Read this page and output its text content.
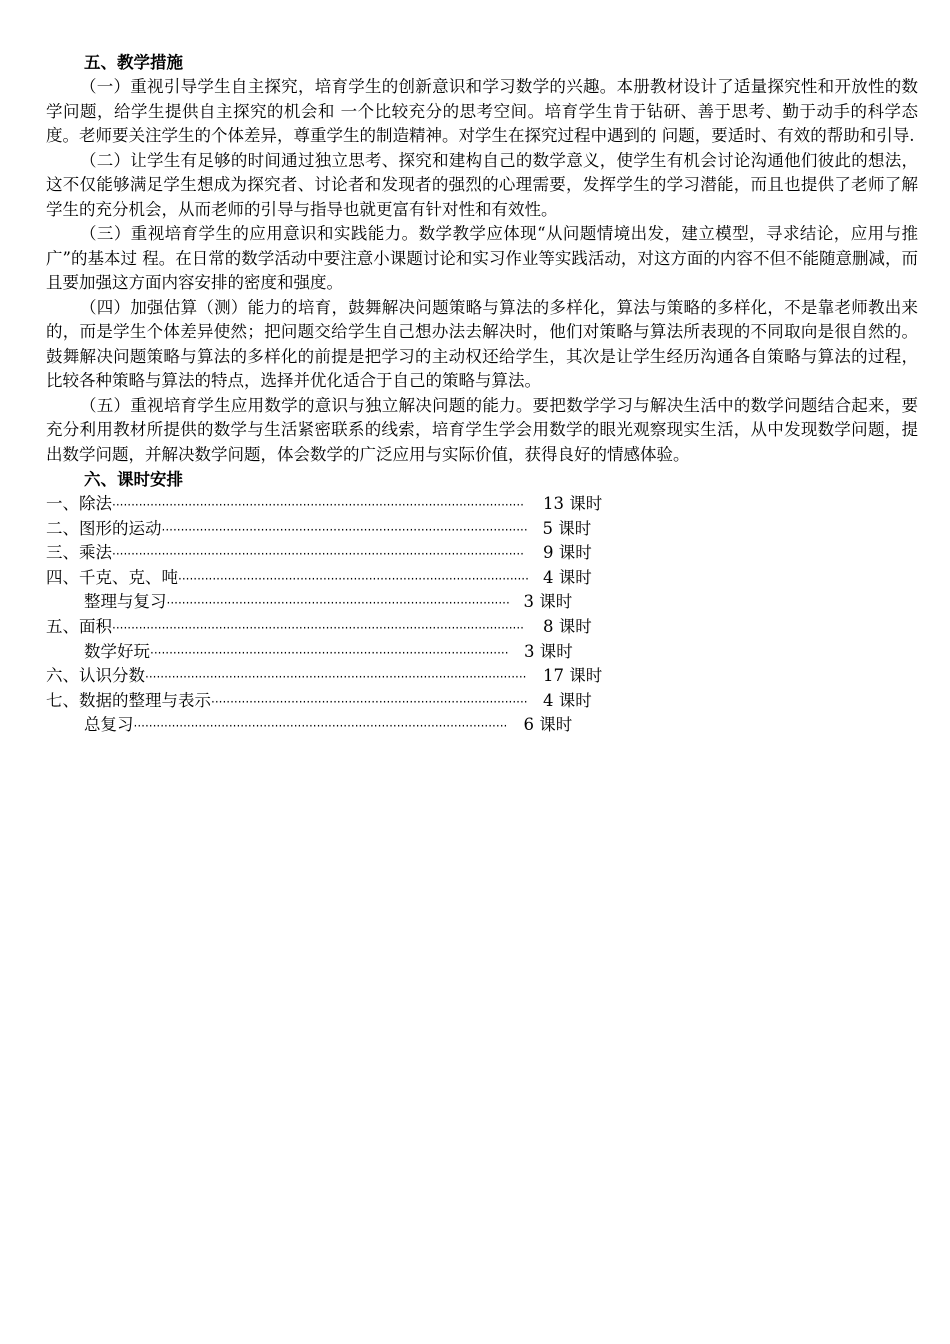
五、教学措施

（一）重视引导学生自主探究，培育学生的创新意识和学习数学的兴趣。本册教材设计了适量探究性和开放性的数学问题，给学生提供自主探究的机会和 一个比较充分的思考空间。培育学生肯于钻研、善于思考、勤于动手的科学态度。老师要关注学生的个体差异，尊重学生的制造精神。对学生在探究过程中遇到的 问题，要适时、有效的帮助和引导.

（二）让学生有足够的时间通过独立思考、探究和建构自己的数学意义，使学生有机会讨论沟通他们彼此的想法，这不仅能够满足学生想成为探究者、讨论者和发现者的强烈的心理需要，发挥学生的学习潜能，而且也提供了老师了解学生的充分机会，从而老师的引导与指导也就更富有针对性和有效性。

（三）重视培育学生的应用意识和实践能力。数学教学应体现“从问题情境出发，建立模型，寻求结论，应用与推广”的基本过 程。在日常的数学活动中要注意小课题讨论和实习作业等实践活动，对这方面的内容不但不能随意删减，而且要加强这方面内容安排的密度和强度。

（四）加强估算（测）能力的培育，鼓舞解决问题策略与算法的多样化，算法与策略的多样化，不是靠老师教出来的，而是学生个体差异使然；把问题交给学生自己想办法去解决时，他们对策略与算法所表现的不同取向是很自然的。鼓舞解决问题策略与算法的多样化的前提是把学习的主动权还给学生，其次是让学生经历沟通各自策略与算法的过程，比较各种策略与算法的特点，选择并优化适合于自己的策略与算法。

（五）重视培育学生应用数学的意识与独立解决问题的能力。要把数学学习与解决生活中的数学问题结合起来，要充分利用教材所提供的数学与生活紧密联系的线索，培育学生学会用数学的眼光观察现实生活，从中发现数学问题，提出数学问题，并解决数学问题，体会数学的广泛应用与实际价值，获得良好的情感体验。

六、课时安排
一、除法 ············································································································	13 课时
二、图形的运动 ································································································ 5 课时
三、乘法 ············································································································	9 课时
四、千克、克、吨 ···························································································· 4 课时
整理与复习 ·························································································· 3 课时
五、面积 ············································································································	8 课时
数学好玩 ······························································································ 3 课时
六、认识分数 ····································································································	17 课时
七、数据的整理与表示 ··················································································· 4 课时
总复习 ·································································································· 6 课时
